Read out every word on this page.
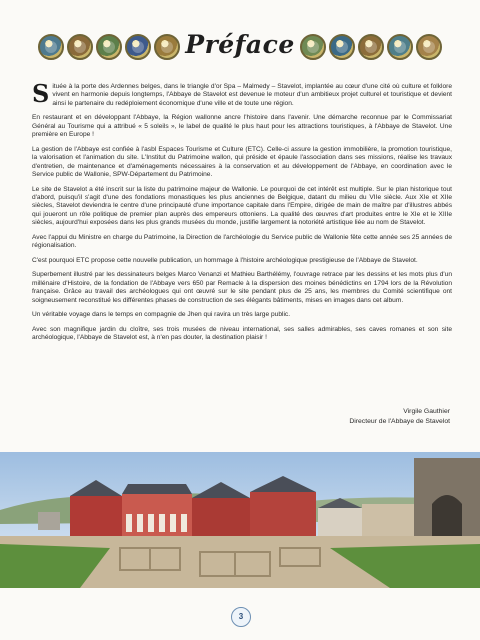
Préface

Située à la porte des Ardennes belges, dans le triangle d'or Spa – Malmedy – Stavelot, implantée au cœur d'une cité où culture et folklore vivent en harmonie depuis longtemps, l'Abbaye de Stavelot est devenue le moteur d'un ambitieux projet culturel et touristique et devient ainsi le partenaire du redéploiement économique d'une ville et de toute une région.

En restaurant et en développant l'Abbaye, la Région wallonne ancre l'histoire dans l'avenir. Une démarche reconnue par le Commissariat Général au Tourisme qui a attribué « 5 soleils », le label de qualité le plus haut pour les attractions touristiques, à l'Abbaye de Stavelot. Une première en Europe !

La gestion de l'Abbaye est confiée à l'asbl Espaces Tourisme et Culture (ETC). Celle-ci assure la gestion immobilière, la promotion touristique, la valorisation et l'animation du site. L'Institut du Patrimoine wallon, qui préside et épaule l'association dans ses missions, réalise les travaux d'entretien, de maintenance et d'aménagements nécessaires à la conservation et au développement de l'Abbaye, en coordination avec le Service public de Wallonie, SPW-Département du Patrimoine.

Le site de Stavelot a été inscrit sur la liste du patrimoine majeur de Wallonie. Le pourquoi de cet intérêt est multiple. Sur le plan historique tout d'abord, puisqu'il s'agit d'une des fondations monastiques les plus anciennes de Belgique, datant du milieu du VIIe siècle. Aux XIe et XIIe siècles, Stavelot deviendra le centre d'une principauté d'une importance capitale dans l'Empire, dirigée de main de maître par d'illustres abbés qui joueront un rôle politique de premier plan auprès des empereurs ottoniens. La qualité des œuvres d'art produites entre le XIe et le XIIIe siècles, aujourd'hui exposées dans les plus grands musées du monde, justifie largement la notoriété artistique liée au nom de Stavelot.

Avec l'appui du Ministre en charge du Patrimoine, la Direction de l'archéologie du Service public de Wallonie fête cette année ses 25 années de régionalisation.

C'est pourquoi ETC propose cette nouvelle publication, un hommage à l'histoire archéologique prestigieuse de l'Abbaye de Stavelot.

Superbement illustré par les dessinateurs belges Marco Venanzi et Mathieu Barthélémy, l'ouvrage retrace par les dessins et les mots plus d'un millénaire d'Histoire, de la fondation de l'Abbaye vers 650 par Remacle à la dispersion des moines bénédictins en 1794 lors de la Révolution française. Grâce au travail des archéologues qui ont œuvré sur le site pendant plus de 25 ans, les membres du Comité scientifique ont soigneusement reconstitué les différentes phases de construction de ses élégants bâtiments, mises en images dans cet album.

Un véritable voyage dans le temps en compagnie de Jhen qui ravira un très large public.

Avec son magnifique jardin du cloître, ses trois musées de niveau international, ses salles admirables, ses caves romanes et son site archéologique, l'Abbaye de Stavelot est, à n'en pas douter, la destination plaisir !

Virgile Gauthier
Directeur de l'Abbaye de Stavelot
3
